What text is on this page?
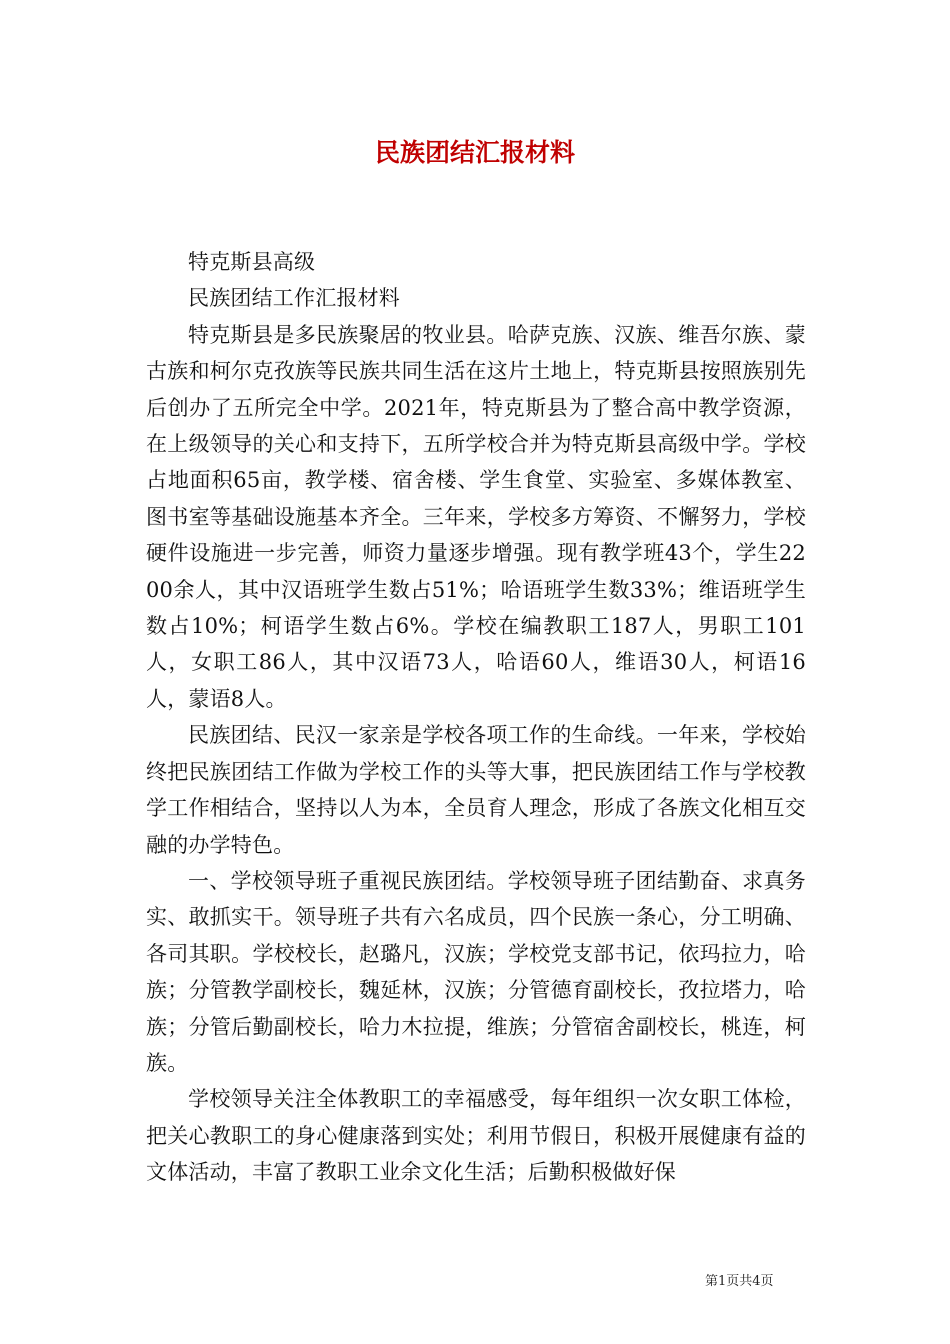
民族团结汇报材料

特克斯县高级

民族团结工作汇报材料

特克斯县是多民族聚居的牧业县。哈萨克族、汉族、维吾尔族、蒙古族和柯尔克孜族等民族共同生活在这片土地上，特克斯县按照族别先后创办了五所完全中学。2021年，特克斯县为了整合高中教学资源，在上级领导的关心和支持下，五所学校合并为特克斯县高级中学。学校占地面积65亩，教学楼、宿舍楼、学生食堂、实验室、多媒体教室、图书室等基础设施基本齐全。三年来，学校多方筹资、不懈努力，学校硬件设施进一步完善，师资力量逐步增强。现有教学班43个，学生2200余人，其中汉语班学生数占51%；哈语班学生数33%；维语班学生数占10%；柯语学生数占6%。学校在编教职工187人，男职工101人，女职工86人，其中汉语73人，哈语60人，维语30人，柯语16人，蒙语8人。

民族团结、民汉一家亲是学校各项工作的生命线。一年来，学校始终把民族团结工作做为学校工作的头等大事，把民族团结工作与学校教学工作相结合，坚持以人为本，全员育人理念，形成了各族文化相互交融的办学特色。

一、学校领导班子重视民族团结。学校领导班子团结勤奋、求真务实、敢抓实干。领导班子共有六名成员，四个民族一条心，分工明确、各司其职。学校校长，赵璐凡，汉族；学校党支部书记，依玛拉力，哈族；分管教学副校长，魏延林，汉族；分管德育副校长，孜拉塔力，哈族；分管后勤副校长，哈力木拉提，维族；分管宿舍副校长，桃连，柯族。

学校领导关注全体教职工的幸福感受，每年组织一次女职工体检，把关心教职工的身心健康落到实处；利用节假日，积极开展健康有益的文体活动，丰富了教职工业余文化生活；后勤积极做好保

第1页共4页
